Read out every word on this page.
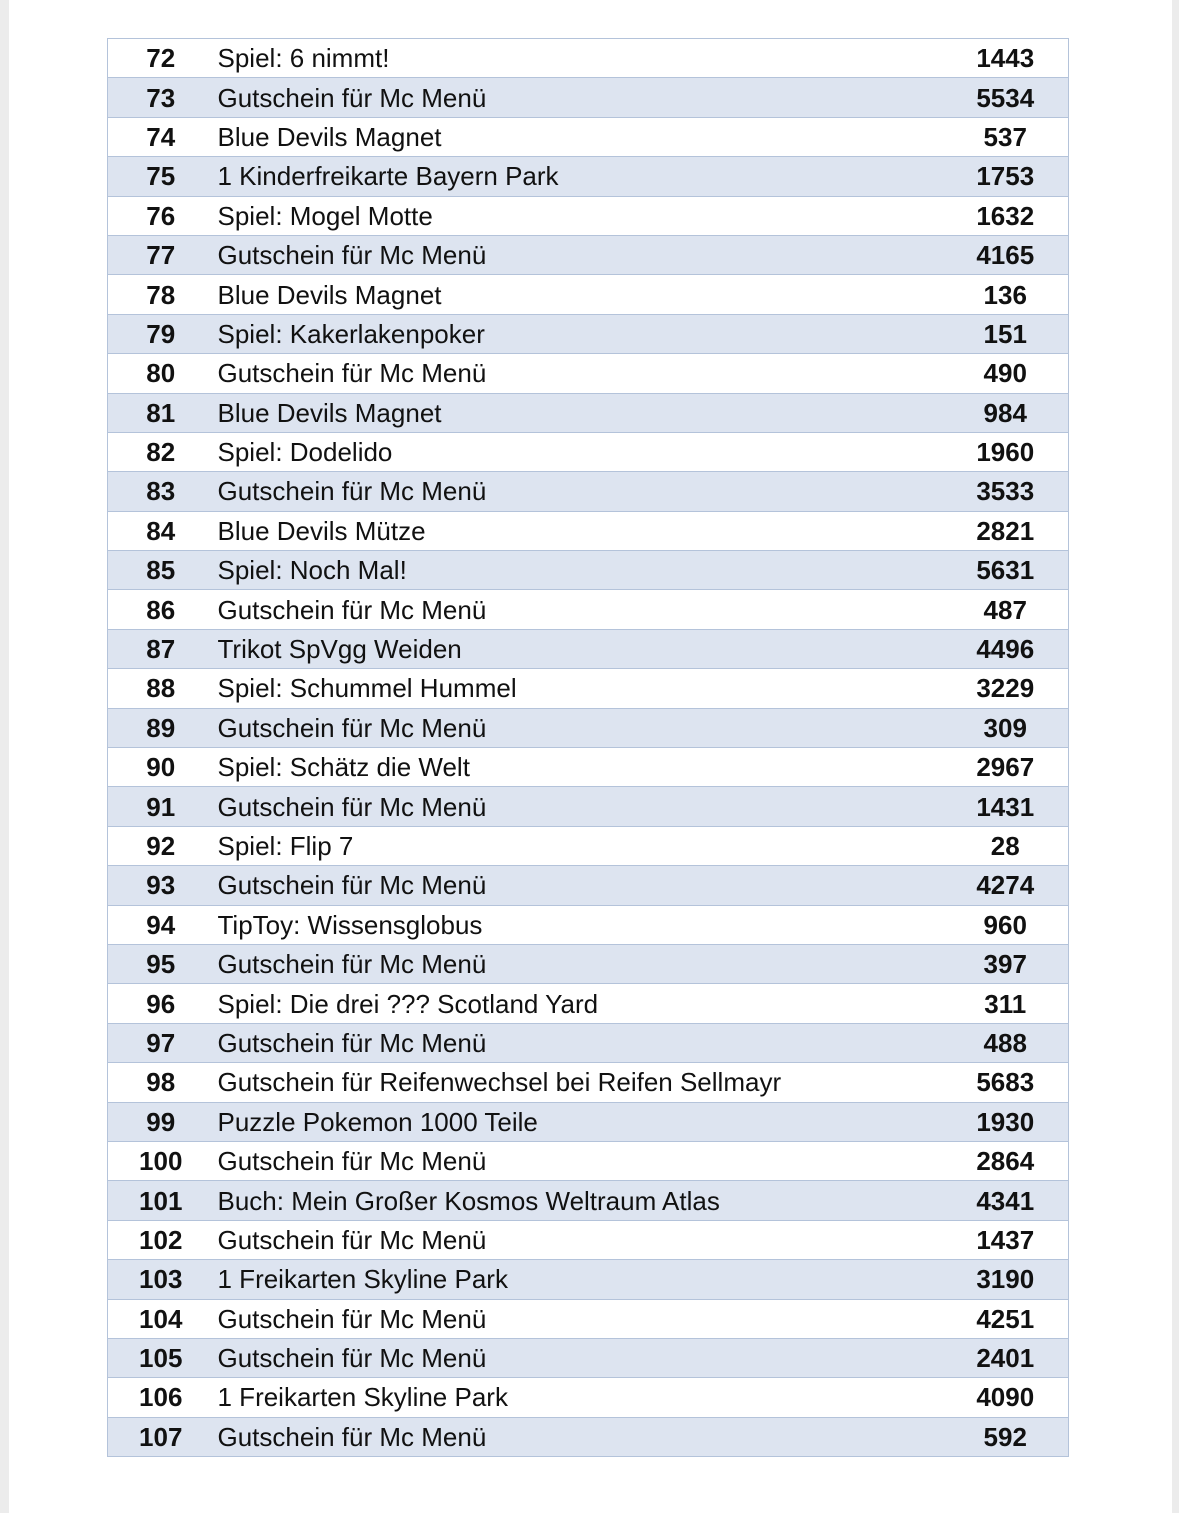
72	Spiel: 6 nimmt!	1443
73	Gutschein für Mc Menü	5534
74	Blue Devils Magnet	537
75	1 Kinderfreikarte Bayern Park	1753
76	Spiel: Mogel Motte	1632
77	Gutschein für Mc Menü	4165
78	Blue Devils Magnet	136
79	Spiel: Kakerlakenpoker	151
80	Gutschein für Mc Menü	490
81	Blue Devils Magnet	984
82	Spiel: Dodelido	1960
83	Gutschein für Mc Menü	3533
84	Blue Devils Mütze	2821
85	Spiel: Noch Mal!	5631
86	Gutschein für Mc Menü	487
87	Trikot SpVgg Weiden	4496
88	Spiel: Schummel Hummel	3229
89	Gutschein für Mc Menü	309
90	Spiel: Schätz die Welt	2967
91	Gutschein für Mc Menü	1431
92	Spiel: Flip 7	28
93	Gutschein für Mc Menü	4274
94	TipToy: Wissensglobus	960
95	Gutschein für Mc Menü	397
96	Spiel: Die drei ??? Scotland Yard	311
97	Gutschein für Mc Menü	488
98	Gutschein für Reifenwechsel bei Reifen Sellmayr	5683
99	Puzzle Pokemon 1000 Teile	1930
100	Gutschein für Mc Menü	2864
101	Buch: Mein Großer Kosmos Weltraum Atlas	4341
102	Gutschein für Mc Menü	1437
103	1 Freikarten Skyline Park	3190
104	Gutschein für Mc Menü	4251
105	Gutschein für Mc Menü	2401
106	1 Freikarten Skyline Park	4090
107	Gutschein für Mc Menü	592
